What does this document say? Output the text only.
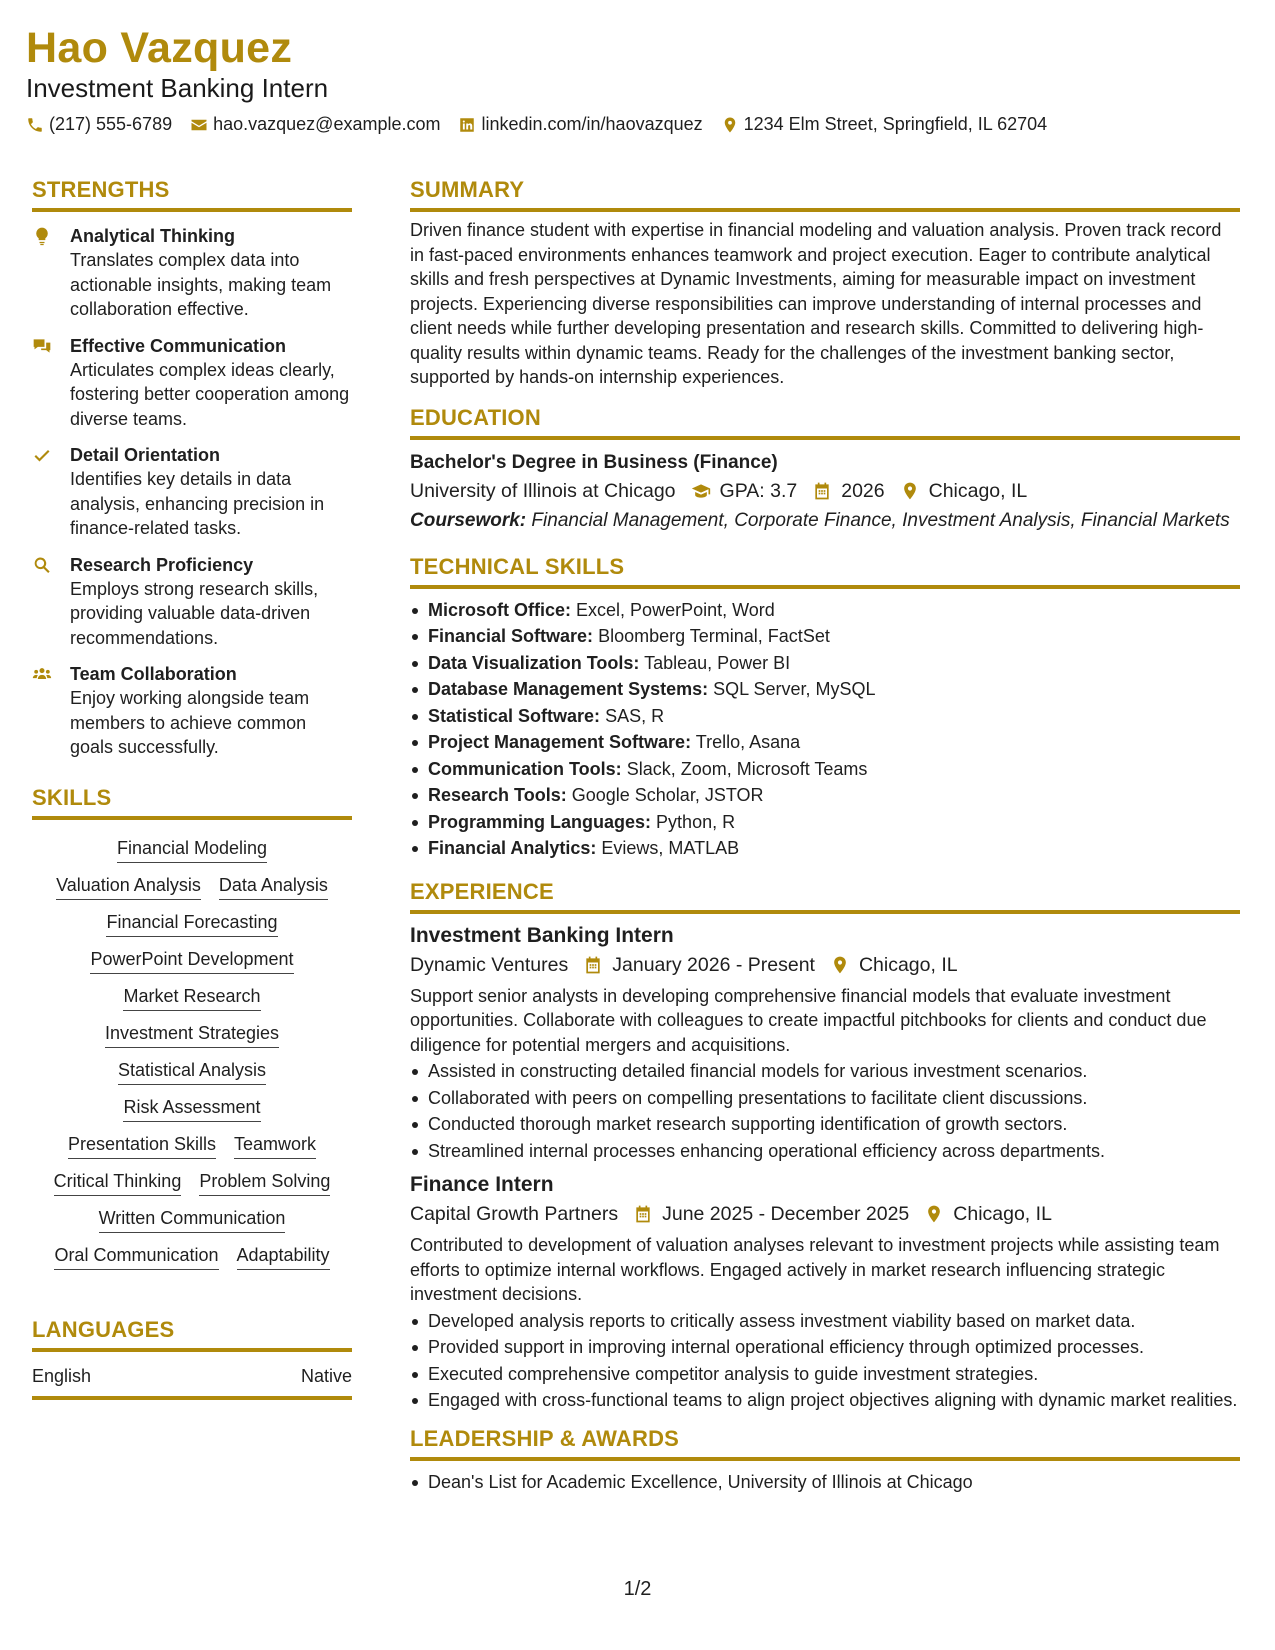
Hao Vazquez
Investment Banking Intern
(217) 555-6789 hao.vazquez@example.com linkedin.com/in/haovazquez 1234 Elm Street, Springfield, IL 62704
STRENGTHS
Analytical Thinking
Translates complex data into actionable insights, making team collaboration effective.
Effective Communication
Articulates complex ideas clearly, fostering better cooperation among diverse teams.
Detail Orientation
Identifies key details in data analysis, enhancing precision in finance-related tasks.
Research Proficiency
Employs strong research skills, providing valuable data-driven recommendations.
Team Collaboration
Enjoy working alongside team members to achieve common goals successfully.
SKILLS
Financial Modeling
Valuation Analysis Data Analysis
Financial Forecasting
PowerPoint Development
Market Research
Investment Strategies
Statistical Analysis
Risk Assessment
Presentation Skills Teamwork
Critical Thinking Problem Solving
Written Communication
Oral Communication Adaptability
LANGUAGES
English	Native
SUMMARY
Driven finance student with expertise in financial modeling and valuation analysis. Proven track record in fast-paced environments enhances teamwork and project execution. Eager to contribute analytical skills and fresh perspectives at Dynamic Investments, aiming for measurable impact on investment projects. Experiencing diverse responsibilities can improve understanding of internal processes and client needs while further developing presentation and research skills. Committed to delivering high-quality results within dynamic teams. Ready for the challenges of the investment banking sector, supported by hands-on internship experiences.
EDUCATION
Bachelor's Degree in Business (Finance)
University of Illinois at Chicago GPA: 3.7 2026 Chicago, IL
Coursework: Financial Management, Corporate Finance, Investment Analysis, Financial Markets
TECHNICAL SKILLS
Microsoft Office: Excel, PowerPoint, Word
Financial Software: Bloomberg Terminal, FactSet
Data Visualization Tools: Tableau, Power BI
Database Management Systems: SQL Server, MySQL
Statistical Software: SAS, R
Project Management Software: Trello, Asana
Communication Tools: Slack, Zoom, Microsoft Teams
Research Tools: Google Scholar, JSTOR
Programming Languages: Python, R
Financial Analytics: Eviews, MATLAB
EXPERIENCE
Investment Banking Intern
Dynamic Ventures January 2026 - Present Chicago, IL
Support senior analysts in developing comprehensive financial models that evaluate investment opportunities. Collaborate with colleagues to create impactful pitchbooks for clients and conduct due diligence for potential mergers and acquisitions.
Assisted in constructing detailed financial models for various investment scenarios.
Collaborated with peers on compelling presentations to facilitate client discussions.
Conducted thorough market research supporting identification of growth sectors.
Streamlined internal processes enhancing operational efficiency across departments.
Finance Intern
Capital Growth Partners June 2025 - December 2025 Chicago, IL
Contributed to development of valuation analyses relevant to investment projects while assisting team efforts to optimize internal workflows. Engaged actively in market research influencing strategic investment decisions.
Developed analysis reports to critically assess investment viability based on market data.
Provided support in improving internal operational efficiency through optimized processes.
Executed comprehensive competitor analysis to guide investment strategies.
Engaged with cross-functional teams to align project objectives aligning with dynamic market realities.
LEADERSHIP & AWARDS
Dean's List for Academic Excellence, University of Illinois at Chicago
1/2
